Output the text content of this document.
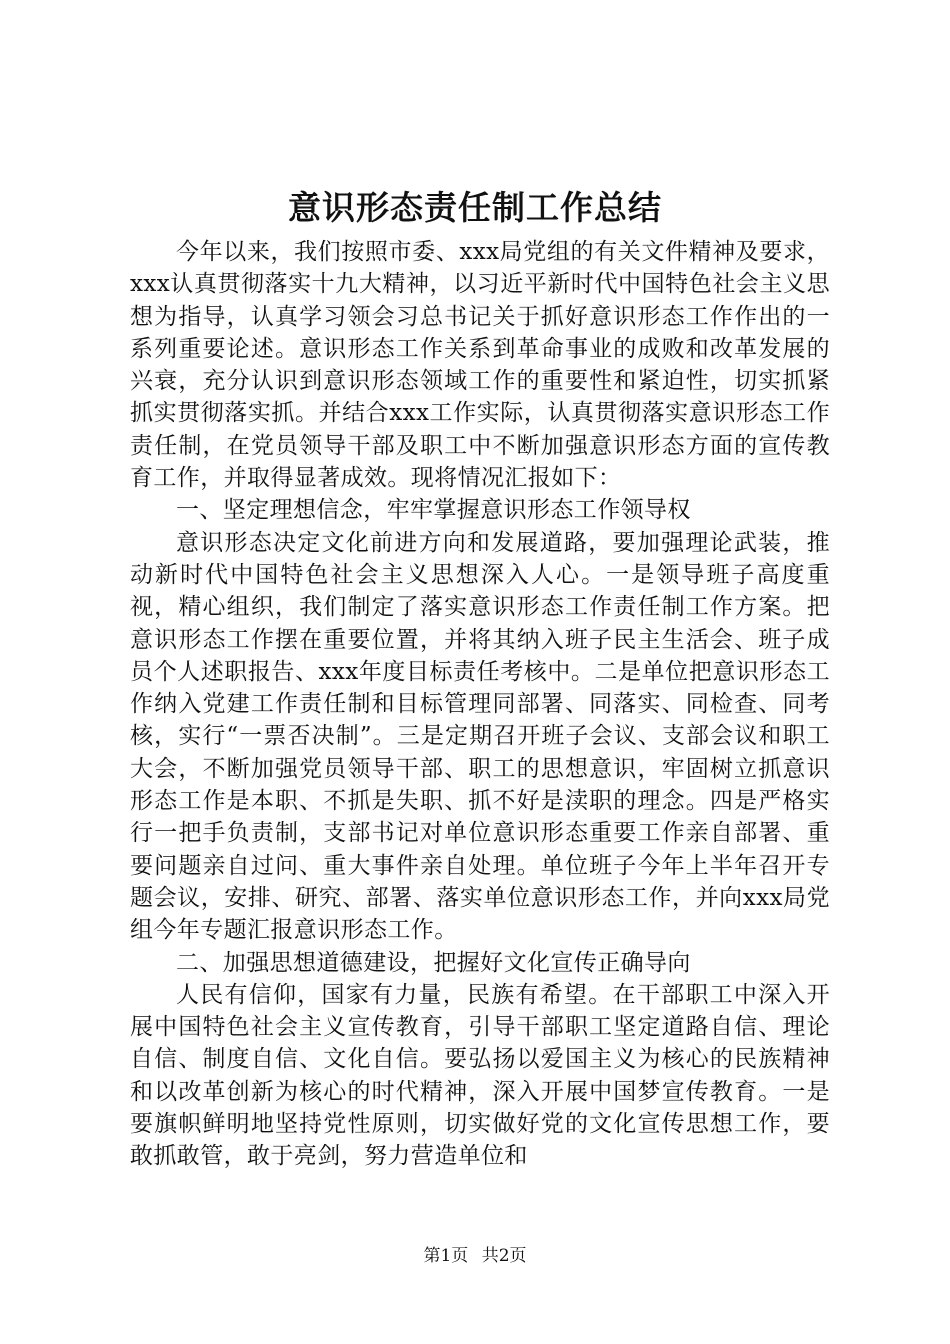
意识形态责任制工作总结

今年以来，我们按照市委、xxx局党组的有关文件精神及要求，xxx认真贯彻落实十九大精神，以习近平新时代中国特色社会主义思想为指导，认真学习领会习总书记关于抓好意识形态工作作出的一系列重要论述。意识形态工作关系到革命事业的成败和改革发展的兴衰，充分认识到意识形态领域工作的重要性和紧迫性，切实抓紧抓实贯彻落实抓。并结合xxx工作实际，认真贯彻落实意识形态工作责任制，在党员领导干部及职工中不断加强意识形态方面的宣传教育工作，并取得显著成效。现将情况汇报如下：

一、坚定理想信念，牢牢掌握意识形态工作领导权

意识形态决定文化前进方向和发展道路，要加强理论武装，推动新时代中国特色社会主义思想深入人心。一是领导班子高度重视，精心组织，我们制定了落实意识形态工作责任制工作方案。把意识形态工作摆在重要位置，并将其纳入班子民主生活会、班子成员个人述职报告、xxx年度目标责任考核中。二是单位把意识形态工作纳入党建工作责任制和目标管理同部署、同落实、同检查、同考核，实行“一票否决制”。三是定期召开班子会议、支部会议和职工大会，不断加强党员领导干部、职工的思想意识，牢固树立抓意识形态工作是本职、不抓是失职、抓不好是渎职的理念。四是严格实行一把手负责制，支部书记对单位意识形态重要工作亲自部署、重要问题亲自过问、重大事件亲自处理。单位班子今年上半年召开专题会议，安排、研究、部署、落实单位意识形态工作，并向xxx局党组今年专题汇报意识形态工作。

二、加强思想道德建设，把握好文化宣传正确导向

人民有信仰，国家有力量，民族有希望。在干部职工中深入开展中国特色社会主义宣传教育，引导干部职工坚定道路自信、理论自信、制度自信、文化自信。要弘扬以爱国主义为核心的民族精神和以改革创新为核心的时代精神，深入开展中国梦宣传教育。一是要旗帜鲜明地坚持党性原则，切实做好党的文化宣传思想工作，要敢抓敢管，敢于亮剑，努力营造单位和

第1页 共2页
